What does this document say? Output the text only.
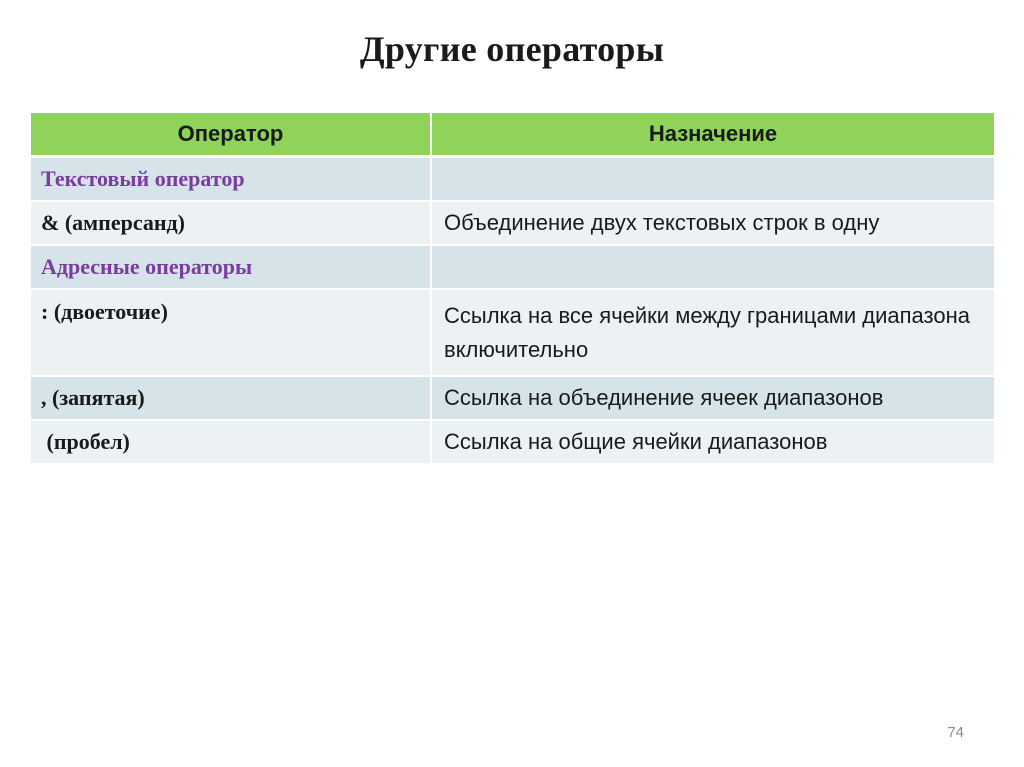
Другие операторы
Оператор	Назначение
Текстовый оператор	
& (амперсанд)	Объединение двух текстовых строк в одну
Адресные операторы	
: (двоеточие)	Ссылка на все ячейки между границами диапазона включительно
, (запятая)	Ссылка на объединение ячеек диапазонов
(пробел)	Ссылка на общие ячейки диапазонов
74
